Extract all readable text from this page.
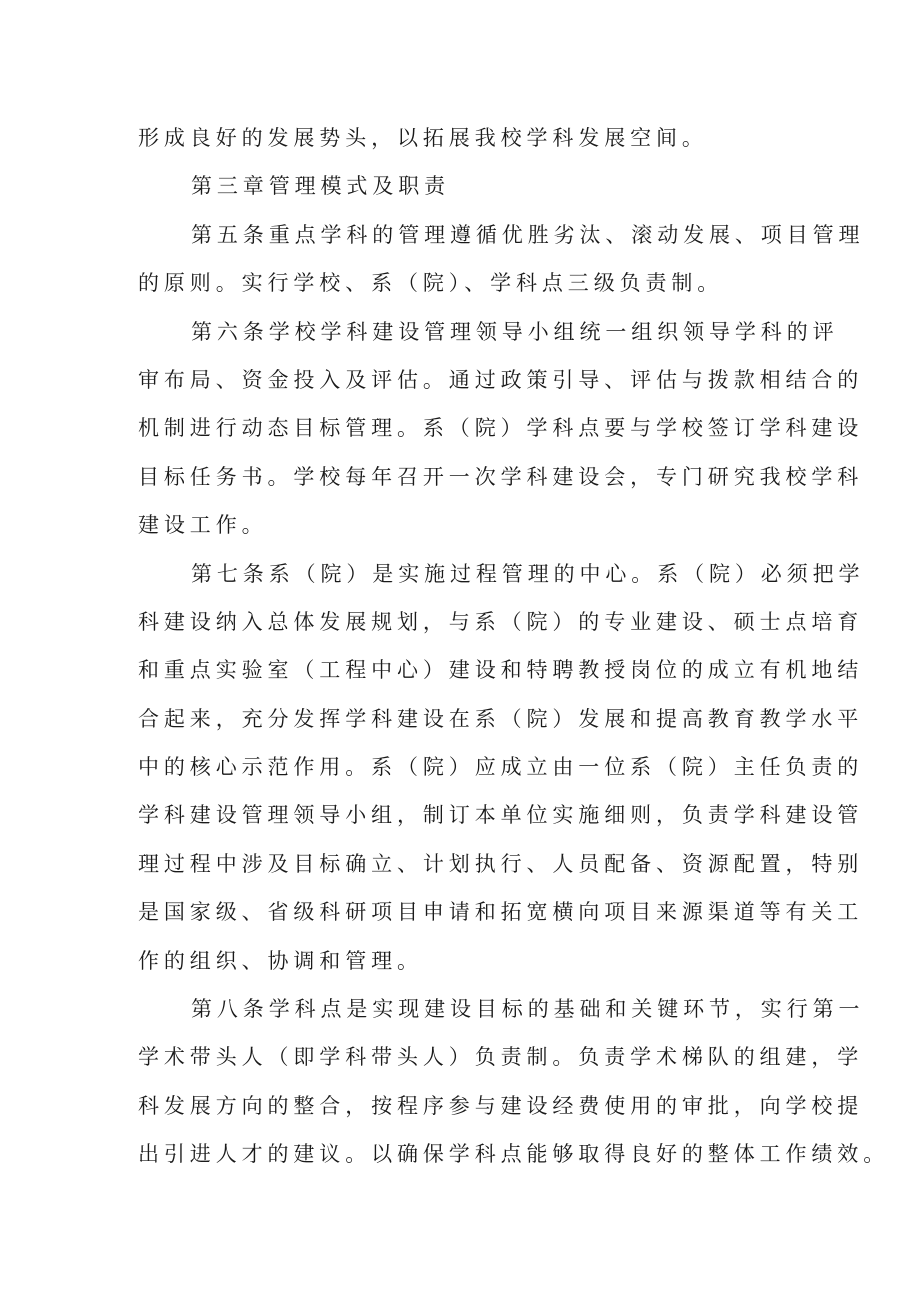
形成良好的发展势头，以拓展我校学科发展空间。
第三章管理模式及职责
第五条重点学科的管理遵循优胜劣汰、滚动发展、项目管理
的原则。实行学校、系（院）、学科点三级负责制。
第六条学校学科建设管理领导小组统一组织领导学科的评
审布局、资金投入及评估。通过政策引导、评估与拨款相结合的
机制进行动态目标管理。系（院）学科点要与学校签订学科建设
目标任务书。学校每年召开一次学科建设会，专门研究我校学科
建设工作。
第七条系（院）是实施过程管理的中心。系（院）必须把学
科建设纳入总体发展规划，与系（院）的专业建设、硕士点培育
和重点实验室（工程中心）建设和特聘教授岗位的成立有机地结
合起来，充分发挥学科建设在系（院）发展和提高教育教学水平
中的核心示范作用。系（院）应成立由一位系（院）主任负责的
学科建设管理领导小组，制订本单位实施细则，负责学科建设管
理过程中涉及目标确立、计划执行、人员配备、资源配置，特别
是国家级、省级科研项目申请和拓宽横向项目来源渠道等有关工
作的组织、协调和管理。
第八条学科点是实现建设目标的基础和关键环节，实行第一
学术带头人（即学科带头人）负责制。负责学术梯队的组建，学
科发展方向的整合，按程序参与建设经费使用的审批，向学校提
出引进人才的建议。以确保学科点能够取得良好的整体工作绩效。
